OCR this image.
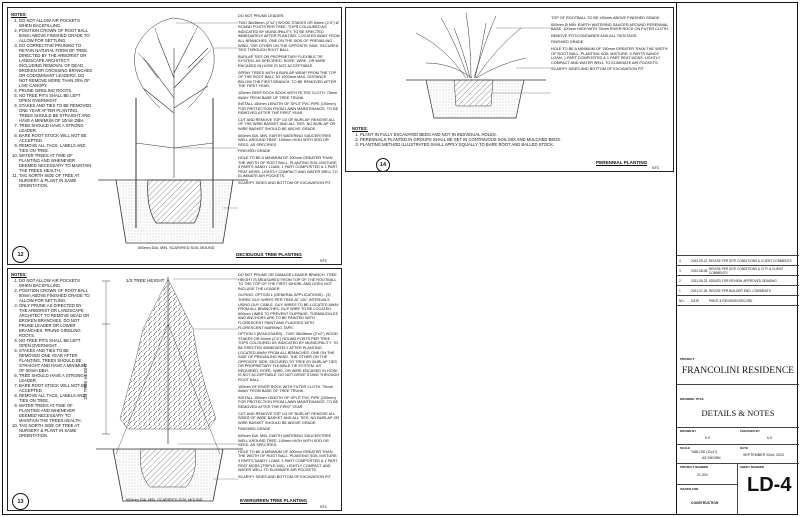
NOTES:
1. DO NOT ALLOW AIR POCKETS WHEN BACKFILLING.
2. POSITION CROWN OF ROOT BALL 50mm ABOVE FINISHED GRADE TO ALLOW FOR SETTLING.
3. DO CORRECTIVE PRUNING TO RETAIN NATURAL FORM OF TREE. DIRECTED BY THE ARBORIST OR LANDSCAPE ARCHITECT. INCLUDING REMOVAL OF DEAD, BROKEN OR CROSSING BRANCHES OR CODOMINANT LEADERS. DO NOT REMOVE MORE THAN 20% OF LIVE CANOPY.
4. PRUNE GIRDLING ROOTS.
5. NO TREE PITS SHALL BE LEFT OPEN OVERNIGHT.
6. STAKES AND TIES TO BE REMOVED ONE YEAR AFTER PLANTING. TREES SHOULD BE STRAIGHT AND HAVE A MINIMUM OF 10mm DBH.
7. TREE SHOULD HAVE A STRONG LEADER.
8. BARE ROOT STOCK WILL NOT BE ACCEPTED.
9. REMOVE ALL TAGS, LABELS AND TIES ON TREE.
10. WATER TREES AT TIME OF PLANTING AND WHENEVER DEEMED NECESSARY TO MAINTAIN THE TREES HEALTH.
11. TAG NORTH SIDE OF TREE AT NURSERY & PLANT IN SAME ORIENTATION.
DO NOT PRUNE LEADER.
TWO 38x38mm (2"x2") WOOD STAKES OR 64mm (2.5") Ø ROUND POSTS PER TREE. TOPS COLOURED AS INDICATED BY MUNICIPALITY. TO BE ERECTED IMMEDIATELY AFTER PLANTING. LOCATED AWAY FROM ALL BRANCHES. ONE ON THE SIDE OF PREVAILING WIND, THE OTHER ON THE OPPOSITE SIDE. SECURED TIES THROUGH ROOT BALL.
BURLAP TIES OR PROPRIETARY FLEXIBLE TIE SYSTEM. AS SPECIFIED. ROPE, WIRE, OR WIRE ENCASED IN HOSE IS NOT ACCEPTABLE.
SPRAY TREES WITH A BURLAP WRAP FROM THE TOP OF THE ROOT BALL TO 1500mm MAX. DISTANCE BELOW THE FIRST BRANCH. TO BE REMOVED AFTER THE FIRST YEAR.
100mm DEEP ROCK BOOK WITH FILTER CLOTH. 75mm AWAY FROM BASE OF TREE TRUNK.
INSTALL 150mm LENGTH OF SPLIT PVC PIPE (100mm) FOR PROTECTION FROM LAWN MAINTENANCE. TO BE REMOVED AFTER THE FIRST YEAR.
CUT AND REMOVE TOP 1/3 OF BURLAP. REMOVE ALL OF THE WIRE BASKET AND ALL TIES. NO BURLAP OR WIRE BASKET SHOULD BE ABOVE GRADE.
600mm DIA. MIN. EARTH WATERING SAUCER/TREE WELL AROUND TREE. 100mm HIGH WITH SOD OR SEED. AS SPECIFIED
FINISHED GRADE
HOLE TO BE A MINIMUM OF 300mm GREATER THAN THE WIDTH OF ROOT BALL. PLANTING SOIL MIXTURE: 3 PARTS SANDY LOAM, 1 PART COMPOSTED & 1 PART PEAT MOSS. LIGHTLY COMPACT AND WATER WELL TO ELIMINATE AIR POCKETS.
SCARIFY SIDES AND BOTTOM OF EXCAVATION PIT
600mm DIA. MIN. SCARIFIED SOIL MOUND
12	DECIDUOUS TREE PLANTING
NTS
TOP OF ROOTBALL TO BE ±50mm ABOVE FINISHED GRADE.
600mm Ø MIN. EARTH WATERING SAUCER AROUND PERENNIAL BASE. 100mm HIGH WITH 75mm RIVER ROCK ON FILTER CLOTH.
REMOVE POT/CONTAINER AND ALL TIES/TAGS.
FINISHED GRADE
HOLE TO BE A MINIMUM OF 150mm GREATER THAN THE WIDTH OF ROOT BALL. PLANTING SOIL MIXTURE: 3 PARTS SANDY LOAM, 1 PART COMPOSTED & 1 PART PEAT MOSS. LIGHTLY COMPACT AND WATER WELL TO ELIMINATE AIR POCKETS.
SCARIFY SIDES AND BOTTOM OF EXCAVATION PIT
NOTES:
1. PLANT IN FULLY EXCAVATED BEDS AND NOT IN INDIVIDUAL HOLES.
2. PERENNIALS PLANTED IN GROUPS SHALL BE SET IN CONTINUOUS SOIL MIX AND MULCHED BEDS.
3. PLANTING METHOD ILLUSTRATED SHALL APPLY EQUALLY TO BARE ROOT AND BALLED STOCK.
14	PERENNIAL PLANTING
NTS
NOTES:
1. DO NOT ALLOW AIR POCKETS WHEN BACKFILLING.
2. POSITION CROWN OF ROOT BALL 50mm ABOVE FINISHED GRADE TO ALLOW FOR SETTLING.
3. ONLY PRUNE AS DIRECTED BY THE ARBORIST OR LANDSCAPE ARCHITECT TO REMOVE DEAD OR BROKEN BRANCHES. DO NOT PRUNE LEADER OR LOWER BRANCHES. PRUNE GIRDLING ROOTS.
4. NO TREE PITS SHALL BE LEFT OPEN OVERNIGHT.
5. STAKES AND TIES TO BE REMOVED ONE YEAR AFTER PLANTING. TREES SHOULD BE STRAIGHT AND HAVE A MINIMUM OF 50mm DBH.
6. TREE SHOULD HAVE A STRONG LEADER.
7. BARE ROOT STOCK WILL NOT BE ACCEPTED.
8. REMOVE ALL TAGS, LABELS AND TIES ON TREE.
9. WATER TREES AT TIME OF PLANTING AND WHENEVER DEEMED NECESSARY TO MAINTAIN THE TREES HEALTH.
10. TAG NORTH SIDE OF TREE AT NURSERY & PLANT IN SAME ORIENTATION.
1/3 TREE HEIGHT
2/3 TREE HEIGHT
DO NOT PRUNE OR DAMAGE LEADER BRANCH. TREE HEIGHT IS MEASURED FROM TOP OF THE ROOTBALL TO THE TOP OF THE FIRST WHORL AND DOES NOT INCLUDE THE LEADER.
GUYING: OPTION 1 (GENERAL APPLICATIONS) - (3) THREE GUY WIRES PER TREE AT 120° INTERVALS USING GUY CABLE. GUY WIRES TO BE LOCATED AWAY FROM ALL BRANCHES. GUY WIRE TO BE LOCATED 600mm LIMBS TO PREVENT SLIPPAGE. TURNBUCKLES AND ANCHORS ARE TO BE PAINTED WITH FLORESCENT PAINT AND FLAGGED WITH FLORESCENT MARKING TAPE.
OPTION 2 (BOULEVARD) - TWO 38x38mm (2"x2") WOOD STAKES OR 64mm (2.5") ROUND POSTS PER TREE. TOPS COLOURED AS INDICATED BY MUNICIPALITY. TO BE ERECTED IMMEDIATELY AFTER PLANTING. LOCATED AWAY FROM ALL BRANCHES. ONE ON THE SIDE OF PREVAILING WIND, THE OTHER ON THE OPPOSITE SIDE. SECURED TO TREE BY BURLAP TIES OR PROPRIETARY FLEXIBLE TIE SYSTEM. AS REQUIRED. ROPE, WIRE, OR WIRE ENCASED IN HOSE IS NOT ACCEPTABLE. DO NOT DRIVE STAKE THROUGH ROOT BALL.
100mm OF RIVER ROCK WITH FILTER CLOTH. 75mm AWAY FROM BASE OF TREE TRUNK.
INSTALL 150mm LENGTH OF SPLIT PVC PIPE (100mm) FOR PROTECTION FROM LAWN MAINTENANCE. TO BE REMOVED AFTER THE FIRST YEAR.
CUT AND REMOVE TOP 1/3 OF BURLAP. REMOVE ALL SIDES OF WIRE BASKET AND ALL TIES. NO BURLAP OR WIRE BASKET SHOULD BE ABOVE GRADE.
FINISHED GRADE
600mm DIA. MIN. EARTH WATERING SAUCER/TREE WELL AROUND TREE. 100mm HIGH WITH SOD OR SEED. AS SPECIFIED.
HOLE TO BE A MINIMUM OF 300mm GREATER THAN THE WIDTH OF ROOT BALL. PLANTING SOIL MIXTURE: 3 PARTS SANDY LOAM, 1 PART COMPOSTED & 1 PART PEAT MOSS (TRIPLE MIX). LIGHTLY COMPACT AND WATER WELL TO ELIMINATE AIR POCKETS.
SCARIFY SIDES AND BOTTOM OF EXCAVATION PIT
600mm DIA. MIN. SCARIFIED SOIL MOUND
13	EVERGREEN TREE PLANTING
NTS
4	2022-09-22 REVISE PER SITE CONDITIONS & CLIENT COMMENTS
3	2022-08-08 REVISE PER SITE CONDITIONS & CITY & CLIENT COMMENTS
2	2021-08-23 ISSUED FOR REVIEW. APPROVED GRADING
1	2021-07-28 REVISE PER BUILDER ENG. COMMENTS
NO.	DATE	PRINT & REVISION RECORD
PROJECT
FRANCOLINI RESIDENCE
DRAWING TITLE
DETAILS & NOTES
DRAWN BY
K.E
CHECKED BY
K.E
SCALE
TABLOID (11x17)
AS SHOWN
DATE
SEPTEMBER 22nd, 2022
PROJECT NUMBER
21-003
ISSUED FOR
CONSTRUCTION
SHEET NUMBER
LD-4
